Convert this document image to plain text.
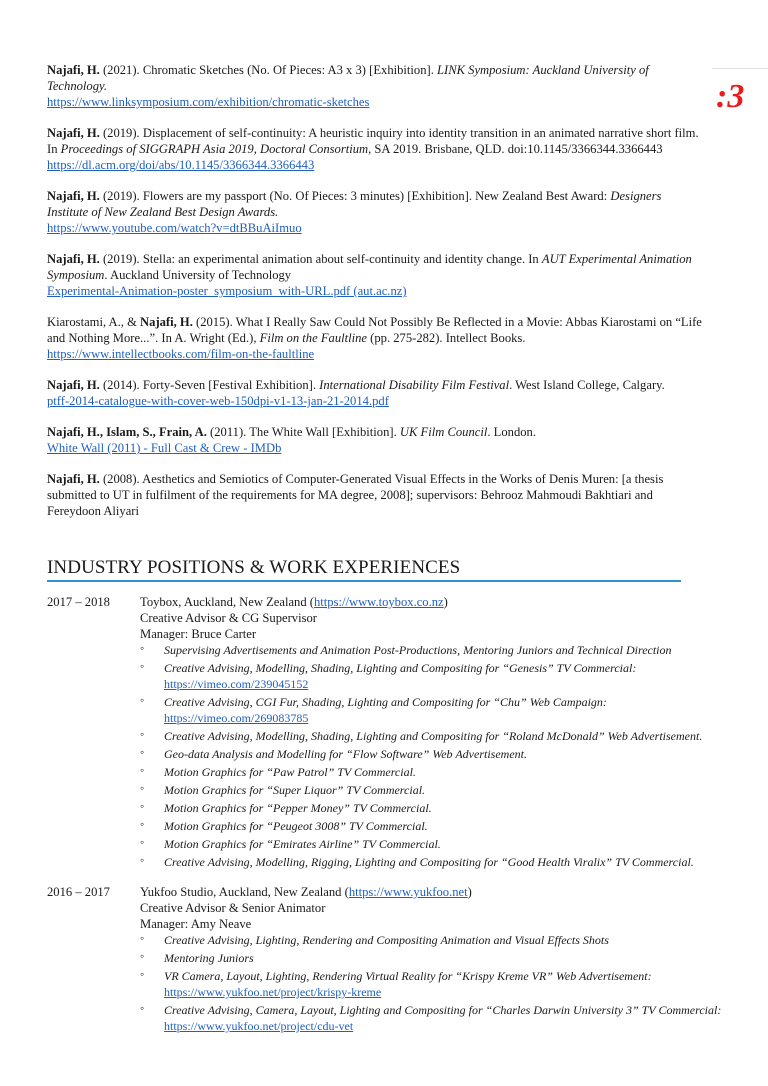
:3
Najafi, H. (2021). Chromatic Sketches (No. Of Pieces: A3 x 3) [Exhibition]. LINK Symposium: Auckland University of Technology.
https://www.linksymposium.com/exhibition/chromatic-sketches
Najafi, H. (2019). Displacement of self-continuity: A heuristic inquiry into identity transition in an animated narrative short film. In Proceedings of SIGGRAPH Asia 2019, Doctoral Consortium, SA 2019. Brisbane, QLD. doi:10.1145/3366344.3366443
https://dl.acm.org/doi/abs/10.1145/3366344.3366443
Najafi, H. (2019). Flowers are my passport (No. Of Pieces: 3 minutes) [Exhibition]. New Zealand Best Award: Designers Institute of New Zealand Best Design Awards.
https://www.youtube.com/watch?v=dtBBuAiImuo
Najafi, H. (2019). Stella: an experimental animation about self-continuity and identity change. In AUT Experimental Animation Symposium. Auckland University of Technology
Experimental-Animation-poster_symposium_with-URL.pdf (aut.ac.nz)
Kiarostami, A., & Najafi, H. (2015). What I Really Saw Could Not Possibly Be Reflected in a Movie: Abbas Kiarostami on “Life and Nothing More...”. In A. Wright (Ed.), Film on the Faultline (pp. 275-282). Intellect Books.
https://www.intellectbooks.com/film-on-the-faultline
Najafi, H. (2014). Forty-Seven [Festival Exhibition]. International Disability Film Festival. West Island College, Calgary.
ptff-2014-catalogue-with-cover-web-150dpi-v1-13-jan-21-2014.pdf
Najafi, H., Islam, S., Frain, A. (2011). The White Wall [Exhibition]. UK Film Council. London.
White Wall (2011) - Full Cast & Crew - IMDb
Najafi, H. (2008). Aesthetics and Semiotics of Computer-Generated Visual Effects in the Works of Denis Muren: [a thesis submitted to UT in fulfilment of the requirements for MA degree, 2008]; supervisors: Behrooz Mahmoudi Bakhtiari and Fereydoon Aliyari
INDUSTRY POSITIONS & WORK EXPERIENCES
2017 – 2018	Toybox, Auckland, New Zealand (https://www.toybox.co.nz)
Creative Advisor & CG Supervisor
Manager: Bruce Carter
◦ Supervising Advertisements and Animation Post-Productions, Mentoring Juniors and Technical Direction
◦ Creative Advising, Modelling, Shading, Lighting and Compositing for “Genesis” TV Commercial:
https://vimeo.com/239045152
◦ Creative Advising, CGI Fur, Shading, Lighting and Compositing for “Chu” Web Campaign:
https://vimeo.com/269083785
◦ Creative Advising, Modelling, Shading, Lighting and Compositing for “Roland McDonald” Web Advertisement.
◦ Geo-data Analysis and Modelling for “Flow Software” Web Advertisement.
◦ Motion Graphics for “Paw Patrol” TV Commercial.
◦ Motion Graphics for “Super Liquor” TV Commercial.
◦ Motion Graphics for “Pepper Money” TV Commercial.
◦ Motion Graphics for “Peugeot 3008” TV Commercial.
◦ Motion Graphics for “Emirates Airline” TV Commercial.
◦ Creative Advising, Modelling, Rigging, Lighting and Compositing for “Good Health Viralix” TV Commercial.
2016 – 2017	Yukfoo Studio, Auckland, New Zealand (https://www.yukfoo.net)
Creative Advisor & Senior Animator
Manager: Amy Neave
◦ Creative Advising, Lighting, Rendering and Compositing Animation and Visual Effects Shots
◦ Mentoring Juniors
◦ VR Camera, Layout, Lighting, Rendering Virtual Reality for “Krispy Kreme VR” Web Advertisement:
https://www.yukfoo.net/project/krispy-kreme
◦ Creative Advising, Camera, Layout, Lighting and Compositing for “Charles Darwin University 3” TV Commercial:
https://www.yukfoo.net/project/cdu-vet
